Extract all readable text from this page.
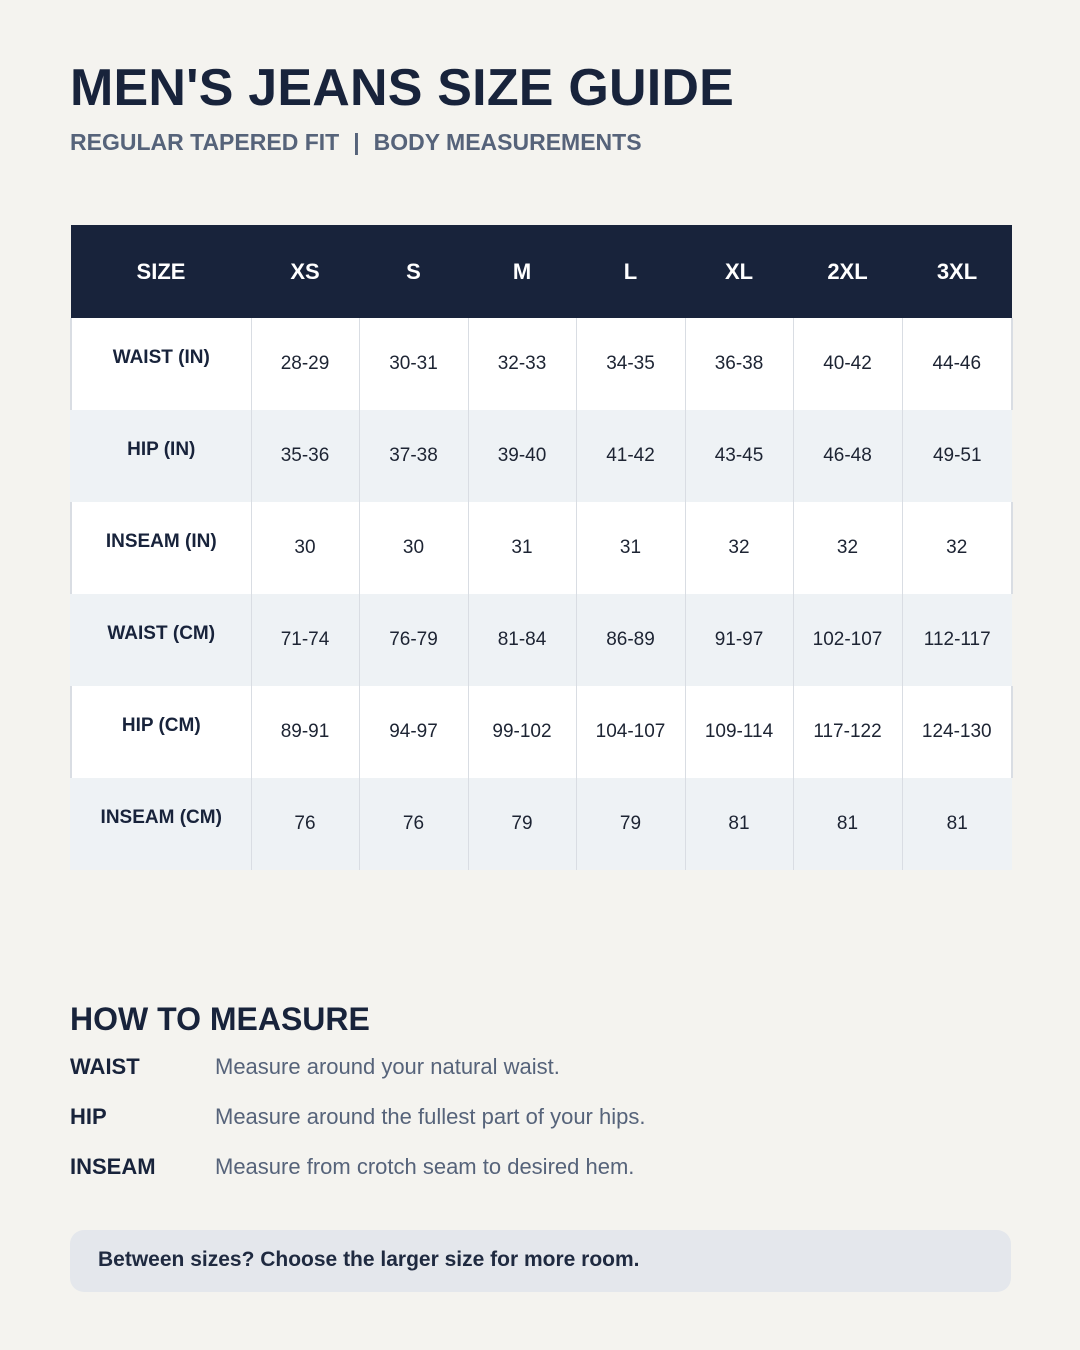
MEN'S JEANS SIZE GUIDE
REGULAR TAPERED FIT | BODY MEASUREMENTS
SIZE	XS	S	M	L	XL	2XL	3XL
WAIST (IN)	28-29	30-31	32-33	34-35	36-38	40-42	44-46
HIP (IN)	35-36	37-38	39-40	41-42	43-45	46-48	49-51
INSEAM (IN)	30	30	31	31	32	32	32
WAIST (CM)	71-74	76-79	81-84	86-89	91-97	102-107	112-117
HIP (CM)	89-91	94-97	99-102	104-107	109-114	117-122	124-130
INSEAM (CM)	76	76	79	79	81	81	81
HOW TO MEASURE
WAIST	Measure around your natural waist.
HIP	Measure around the fullest part of your hips.
INSEAM	Measure from crotch seam to desired hem.
Between sizes? Choose the larger size for more room.
